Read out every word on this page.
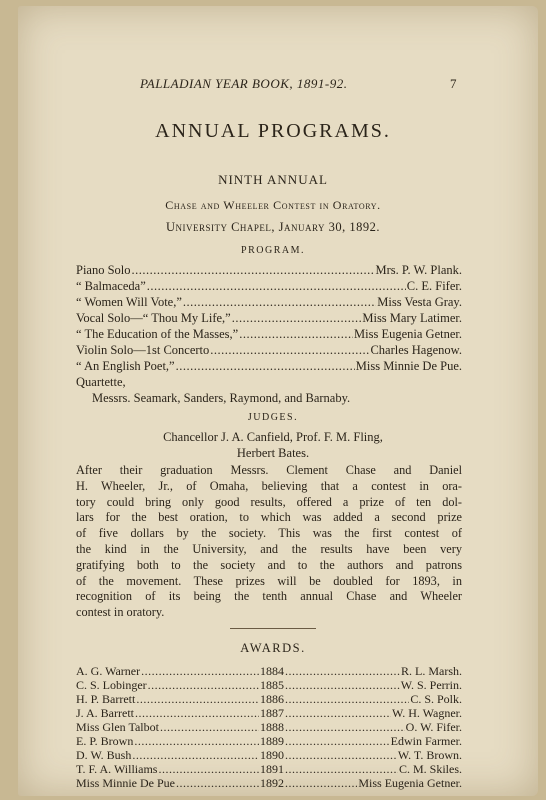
PALLADIAN YEAR BOOK, 1891-92.	7
ANNUAL PROGRAMS.
NINTH ANNUAL
Chase and Wheeler Contest in Oratory.
University Chapel, January 30, 1892.
PROGRAM.
Piano Solo .....	Mrs. P. W. Plank.
“ Balmaceda” .....	C. E. Fifer.
“ Women Will Vote,” .....	Miss Vesta Gray.
Vocal Solo—“ Thou My Life,” .....	Miss Mary Latimer.
“ The Education of the Masses,” .....	Miss Eugenia Getner.
Violin Solo—1st Concerto .....	Charles Hagenow.
“ An English Poet,” .....	Miss Minnie De Pue.
Quartette,
Messrs. Seamark, Sanders, Raymond, and Barnaby.
JUDGES.
Chancellor J. A. Canfield, Prof. F. M. Fling,
Herbert Bates.
After their graduation Messrs. Clement Chase and Daniel
H. Wheeler, Jr., of Omaha, believing that a contest in ora-
tory could bring only good results, offered a prize of ten dol-
lars for the best oration, to which was added a second prize
of five dollars by the society. This was the first contest of
the kind in the University, and the results have been very
gratifying both to the society and to the authors and patrons
of the movement. These prizes will be doubled for 1893, in
recognition of its being the tenth annual Chase and Wheeler
contest in oratory.
AWARDS.
A. G. Warner .....	1884 .....	R. L. Marsh.
C. S. Lobinger .....	1885 .....	W. S. Perrin.
H. P. Barrett .....	1886 .....	C. S. Polk.
J. A. Barrett .....	1887 .....	W. H. Wagner.
Miss Glen Talbot .....	1888 .....	O. W. Fifer.
E. P. Brown .....	1889 .....	Edwin Farmer.
D. W. Bush .....	1890 .....	W. T. Brown.
T. F. A. Williams .....	1891 .....	C. M. Skiles.
Miss Minnie De Pue .....	1892 .....	Miss Eugenia Getner.
